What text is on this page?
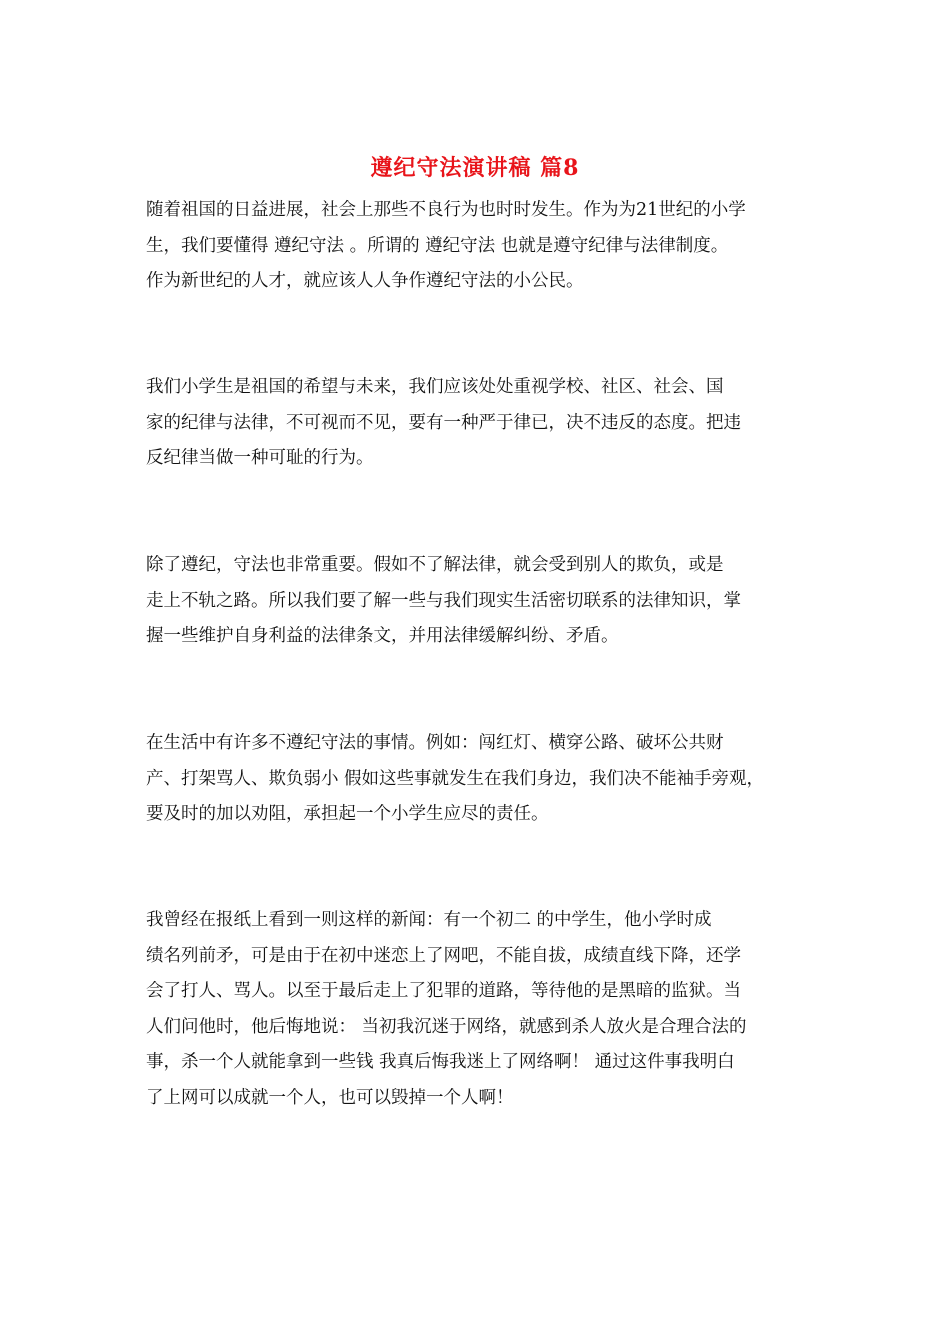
遵纪守法演讲稿 篇8
随着祖国的日益进展，社会上那些不良行为也时时发生。作为为21世纪的小学
生，我们要懂得 遵纪守法 。所谓的 遵纪守法 也就是遵守纪律与法律制度。
作为新世纪的人才，就应该人人争作遵纪守法的小公民。
我们小学生是祖国的希望与未来，我们应该处处重视学校、社区、社会、国
家的纪律与法律，不可视而不见，要有一种严于律已，决不违反的态度。把违
反纪律当做一种可耻的行为。
除了遵纪，守法也非常重要。假如不了解法律，就会受到别人的欺负，或是
走上不轨之路。所以我们要了解一些与我们现实生活密切联系的法律知识，掌
握一些维护自身利益的法律条文，并用法律缓解纠纷、矛盾。
在生活中有许多不遵纪守法的事情。例如：闯红灯、横穿公路、破坏公共财
产、打架骂人、欺负弱小 假如这些事就发生在我们身边，我们决不能袖手旁观，
要及时的加以劝阻，承担起一个小学生应尽的责任。
我曾经在报纸上看到一则这样的新闻：有一个初二 的中学生，他小学时成
绩名列前矛，可是由于在初中迷恋上了网吧，不能自拔，成绩直线下降，还学
会了打人、骂人。以至于最后走上了犯罪的道路，等待他的是黑暗的监狱。当
人们问他时，他后悔地说： 当初我沉迷于网络，就感到杀人放火是合理合法的
事，杀一个人就能拿到一些钱 我真后悔我迷上了网络啊！ 通过这件事我明白
了上网可以成就一个人，也可以毁掉一个人啊！
